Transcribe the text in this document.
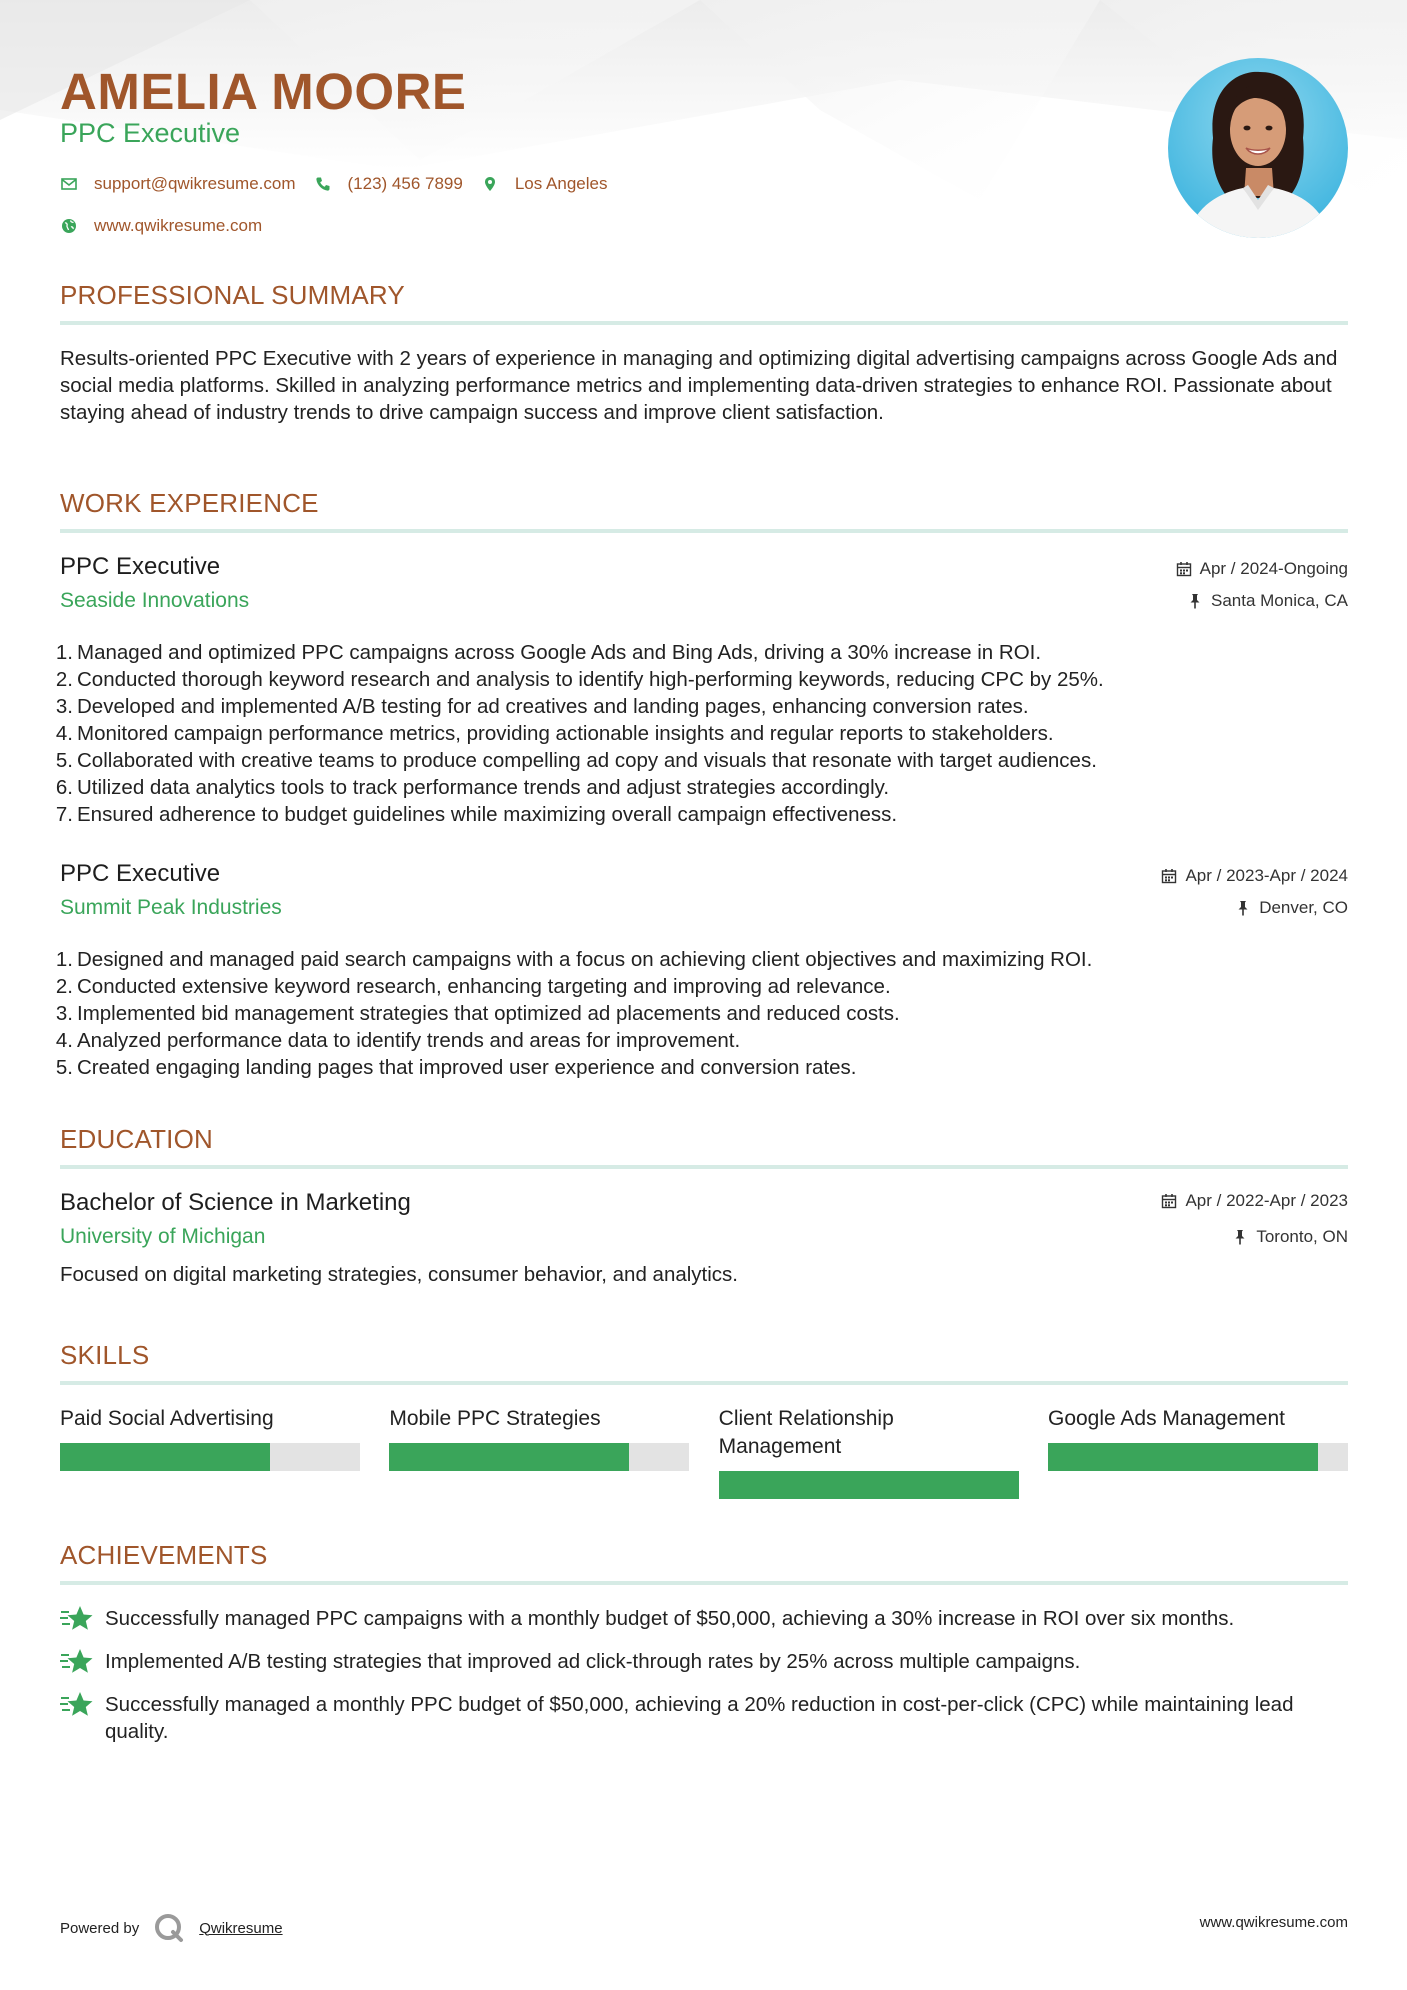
AMELIA MOORE
PPC Executive
support@qwikresume.com	(123) 456 7899	Los Angeles
www.qwikresume.com
PROFESSIONAL SUMMARY
Results-oriented PPC Executive with 2 years of experience in managing and optimizing digital advertising campaigns across Google Ads and social media platforms. Skilled in analyzing performance metrics and implementing data-driven strategies to enhance ROI. Passionate about staying ahead of industry trends to drive campaign success and improve client satisfaction.
WORK EXPERIENCE
PPC Executive
Seaside Innovations
Apr / 2024-Ongoing
Santa Monica, CA
1. Managed and optimized PPC campaigns across Google Ads and Bing Ads, driving a 30% increase in ROI.
2. Conducted thorough keyword research and analysis to identify high-performing keywords, reducing CPC by 25%.
3. Developed and implemented A/B testing for ad creatives and landing pages, enhancing conversion rates.
4. Monitored campaign performance metrics, providing actionable insights and regular reports to stakeholders.
5. Collaborated with creative teams to produce compelling ad copy and visuals that resonate with target audiences.
6. Utilized data analytics tools to track performance trends and adjust strategies accordingly.
7. Ensured adherence to budget guidelines while maximizing overall campaign effectiveness.
PPC Executive
Summit Peak Industries
Apr / 2023-Apr / 2024
Denver, CO
1. Designed and managed paid search campaigns with a focus on achieving client objectives and maximizing ROI.
2. Conducted extensive keyword research, enhancing targeting and improving ad relevance.
3. Implemented bid management strategies that optimized ad placements and reduced costs.
4. Analyzed performance data to identify trends and areas for improvement.
5. Created engaging landing pages that improved user experience and conversion rates.
EDUCATION
Bachelor of Science in Marketing
University of Michigan
Apr / 2022-Apr / 2023
Toronto, ON
Focused on digital marketing strategies, consumer behavior, and analytics.
SKILLS
Paid Social Advertising	Mobile PPC Strategies	Client Relationship Management
Google Ads Management
ACHIEVEMENTS
Successfully managed PPC campaigns with a monthly budget of $50,000, achieving a 30% increase in ROI over six months.
Implemented A/B testing strategies that improved ad click-through rates by 25% across multiple campaigns.
Successfully managed a monthly PPC budget of $50,000, achieving a 20% reduction in cost-per-click (CPC) while maintaining lead quality.
Powered by	Qwikresume	www.qwikresume.com
